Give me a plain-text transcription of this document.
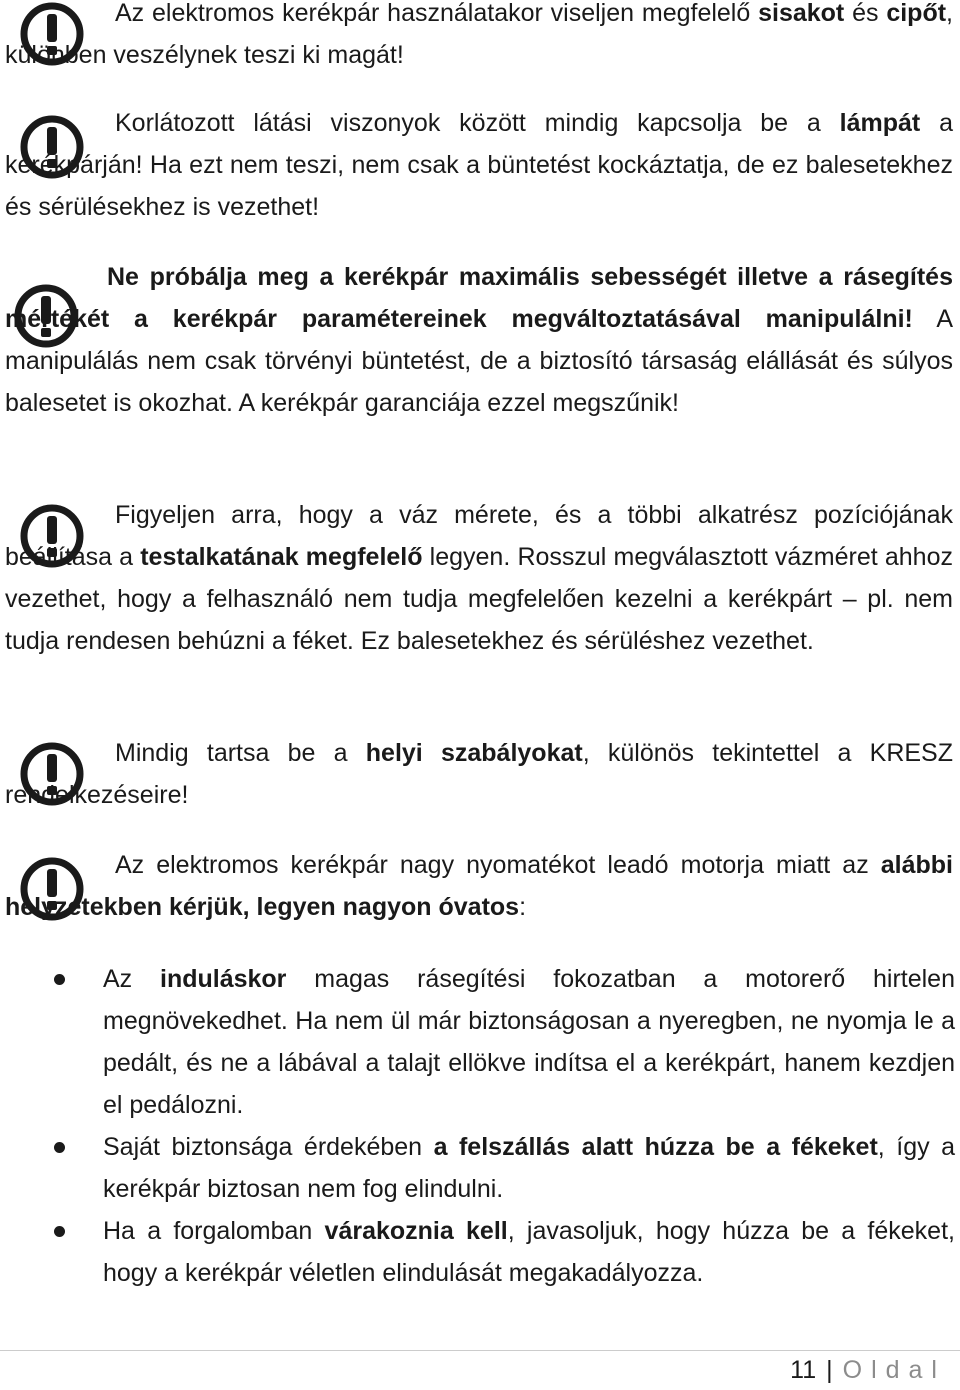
Az elektromos kerékpár használatakor viseljen megfelelő sisakot és cipőt, különben veszélynek teszi ki magát!

Korlátozott látási viszonyok között mindig kapcsolja be a lámpát a kerékpárján! Ha ezt nem teszi, nem csak a büntetést kockáztatja, de ez balesetekhez és sérülésekhez is vezethet!

Ne próbálja meg a kerékpár maximális sebességét illetve a rásegítés mértékét a kerékpár paramétereinek megváltoztatásával manipulálni! A manipulálás nem csak törvényi büntetést, de a biztosító társaság elállását és súlyos balesetet is okozhat. A kerékpár garanciája ezzel megszűnik!

Figyeljen arra, hogy a váz mérete, és a többi alkatrész pozíciójának beállítása a testalkatának megfelelő legyen. Rosszul megválasztott vázméret ahhoz vezethet, hogy a felhasználó nem tudja megfelelően kezelni a kerékpárt – pl. nem tudja rendesen behúzni a féket. Ez balesetekhez és sérüléshez vezethet.

Mindig tartsa be a helyi szabályokat, különös tekintettel a KRESZ rendelkezéseire!

Az elektromos kerékpár nagy nyomatékot leadó motorja miatt az alábbi helyzetekben kérjük, legyen nagyon óvatos:

Az induláskor magas rásegítési fokozatban a motorerő hirtelen megnövekedhet. Ha nem ül már biztonságosan a nyeregben, ne nyomja le a pedált, és ne a lábával a talajt ellökve indítsa el a kerékpárt, hanem kezdjen el pedálozni.
Saját biztonsága érdekében a felszállás alatt húzza be a fékeket, így a kerékpár biztosan nem fog elindulni.
Ha a forgalomban várakoznia kell, javasoljuk, hogy húzza be a fékeket, hogy a kerékpár véletlen elindulását megakadályozza.
11 | Oldal
